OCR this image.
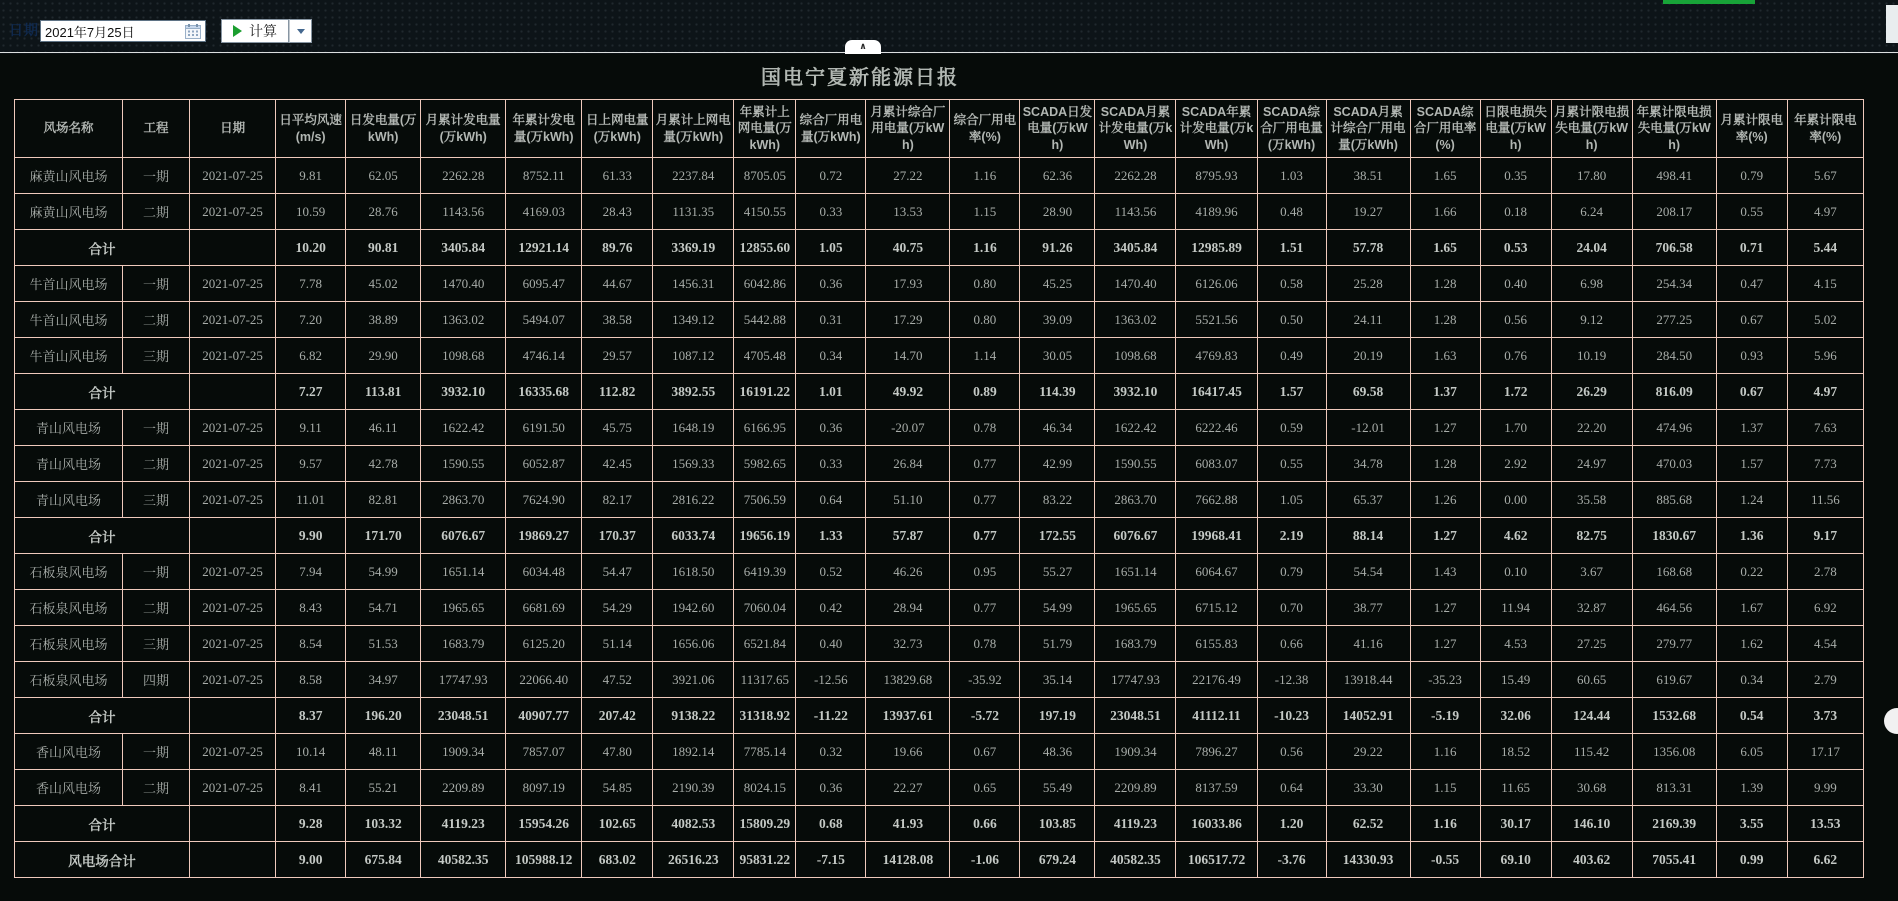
日期 2021年7月25日	计算
∧
国电宁夏新能源日报
风场名称	工程	日期	日平均风速(m/s)	日发电量(万kWh)	月累计发电量(万kWh)	年累计发电量(万kWh)	日上网电量(万kWh)	月累计上网电量(万kWh)	年累计上网电量(万kWh)	综合厂用电量(万kWh)	月累计综合厂用电量(万kWh)	综合厂用电率(%)	SCADA日发电量(万kWh)	SCADA月累计发电量(万kWh)	SCADA年累计发电量(万kWh)	SCADA综合厂用电量(万kWh)	SCADA月累计综合厂用电量(万kWh)	SCADA综合厂用电率(%)	日限电损失电量(万kWh)	月累计限电损失电量(万kWh)	年累计限电损失电量(万kWh)	月累计限电率(%)	年累计限电率(%)
麻黄山风电场	一期	2021-07-25	9.81	62.05	2262.28	8752.11	61.33	2237.84	8705.05	0.72	27.22	1.16	62.36	2262.28	8795.93	1.03	38.51	1.65	0.35	17.80	498.41	0.79	5.67
麻黄山风电场	二期	2021-07-25	10.59	28.76	1143.56	4169.03	28.43	1131.35	4150.55	0.33	13.53	1.15	28.90	1143.56	4189.96	0.48	19.27	1.66	0.18	6.24	208.17	0.55	4.97
合计			10.20	90.81	3405.84	12921.14	89.76	3369.19	12855.60	1.05	40.75	1.16	91.26	3405.84	12985.89	1.51	57.78	1.65	0.53	24.04	706.58	0.71	5.44
牛首山风电场	一期	2021-07-25	7.78	45.02	1470.40	6095.47	44.67	1456.31	6042.86	0.36	17.93	0.80	45.25	1470.40	6126.06	0.58	25.28	1.28	0.40	6.98	254.34	0.47	4.15
牛首山风电场	二期	2021-07-25	7.20	38.89	1363.02	5494.07	38.58	1349.12	5442.88	0.31	17.29	0.80	39.09	1363.02	5521.56	0.50	24.11	1.28	0.56	9.12	277.25	0.67	5.02
牛首山风电场	三期	2021-07-25	6.82	29.90	1098.68	4746.14	29.57	1087.12	4705.48	0.34	14.70	1.14	30.05	1098.68	4769.83	0.49	20.19	1.63	0.76	10.19	284.50	0.93	5.96
合计			7.27	113.81	3932.10	16335.68	112.82	3892.55	16191.22	1.01	49.92	0.89	114.39	3932.10	16417.45	1.57	69.58	1.37	1.72	26.29	816.09	0.67	4.97
青山风电场	一期	2021-07-25	9.11	46.11	1622.42	6191.50	45.75	1648.19	6166.95	0.36	-20.07	0.78	46.34	1622.42	6222.46	0.59	-12.01	1.27	1.70	22.20	474.96	1.37	7.63
青山风电场	二期	2021-07-25	9.57	42.78	1590.55	6052.87	42.45	1569.33	5982.65	0.33	26.84	0.77	42.99	1590.55	6083.07	0.55	34.78	1.28	2.92	24.97	470.03	1.57	7.73
青山风电场	三期	2021-07-25	11.01	82.81	2863.70	7624.90	82.17	2816.22	7506.59	0.64	51.10	0.77	83.22	2863.70	7662.88	1.05	65.37	1.26	0.00	35.58	885.68	1.24	11.56
合计			9.90	171.70	6076.67	19869.27	170.37	6033.74	19656.19	1.33	57.87	0.77	172.55	6076.67	19968.41	2.19	88.14	1.27	4.62	82.75	1830.67	1.36	9.17
石板泉风电场	一期	2021-07-25	7.94	54.99	1651.14	6034.48	54.47	1618.50	6419.39	0.52	46.26	0.95	55.27	1651.14	6064.67	0.79	54.54	1.43	0.10	3.67	168.68	0.22	2.78
石板泉风电场	二期	2021-07-25	8.43	54.71	1965.65	6681.69	54.29	1942.60	7060.04	0.42	28.94	0.77	54.99	1965.65	6715.12	0.70	38.77	1.27	11.94	32.87	464.56	1.67	6.92
石板泉风电场	三期	2021-07-25	8.54	51.53	1683.79	6125.20	51.14	1656.06	6521.84	0.40	32.73	0.78	51.79	1683.79	6155.83	0.66	41.16	1.27	4.53	27.25	279.77	1.62	4.54
石板泉风电场	四期	2021-07-25	8.58	34.97	17747.93	22066.40	47.52	3921.06	11317.65	-12.56	13829.68	-35.92	35.14	17747.93	22176.49	-12.38	13918.44	-35.23	15.49	60.65	619.67	0.34	2.79
合计			8.37	196.20	23048.51	40907.77	207.42	9138.22	31318.92	-11.22	13937.61	-5.72	197.19	23048.51	41112.11	-10.23	14052.91	-5.19	32.06	124.44	1532.68	0.54	3.73
香山风电场	一期	2021-07-25	10.14	48.11	1909.34	7857.07	47.80	1892.14	7785.14	0.32	19.66	0.67	48.36	1909.34	7896.27	0.56	29.22	1.16	18.52	115.42	1356.08	6.05	17.17
香山风电场	二期	2021-07-25	8.41	55.21	2209.89	8097.19	54.85	2190.39	8024.15	0.36	22.27	0.65	55.49	2209.89	8137.59	0.64	33.30	1.15	11.65	30.68	813.31	1.39	9.99
合计			9.28	103.32	4119.23	15954.26	102.65	4082.53	15809.29	0.68	41.93	0.66	103.85	4119.23	16033.86	1.20	62.52	1.16	30.17	146.10	2169.39	3.55	13.53
风电场合计			9.00	675.84	40582.35	105988.12	683.02	26516.23	95831.22	-7.15	14128.08	-1.06	679.24	40582.35	106517.72	-3.76	14330.93	-0.55	69.10	403.62	7055.41	0.99	6.62
